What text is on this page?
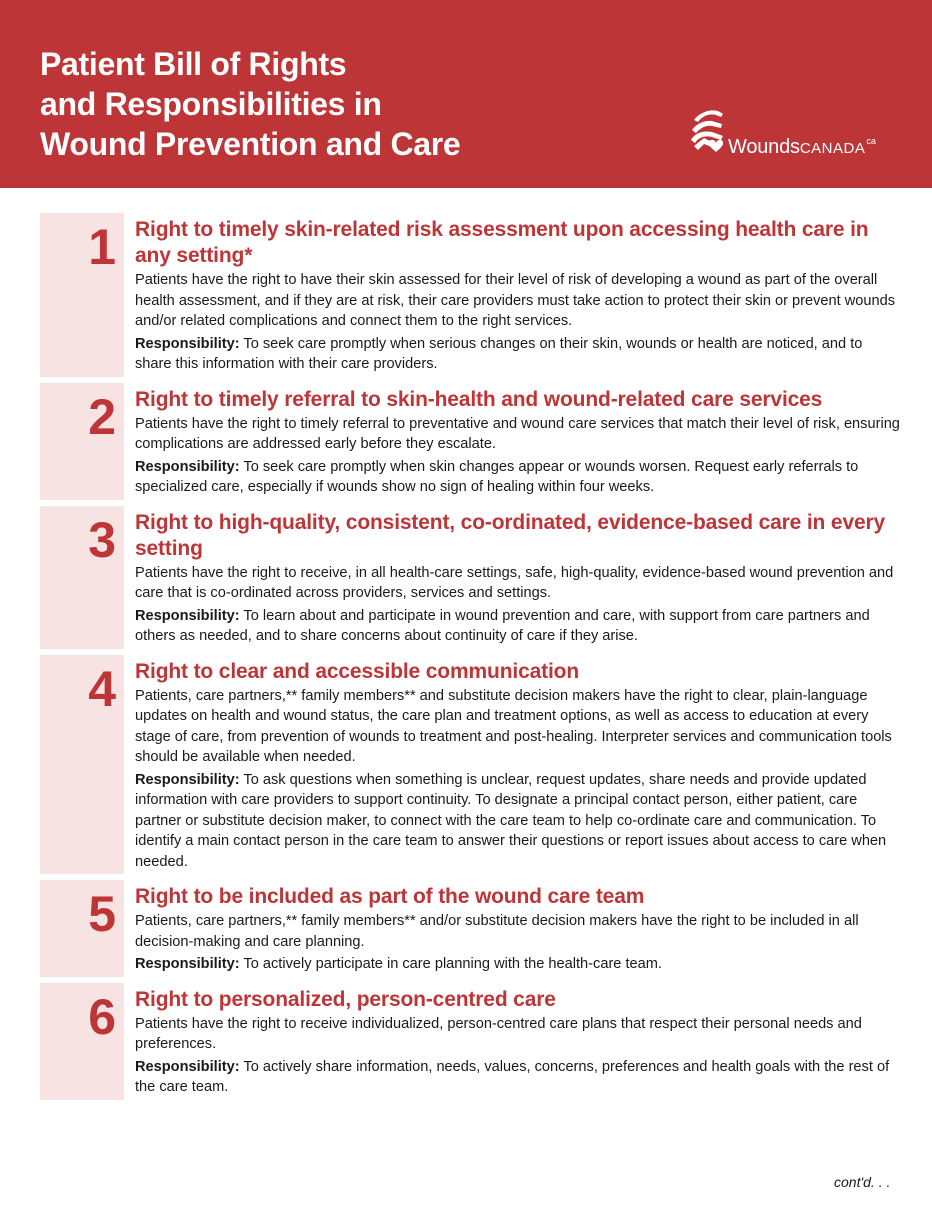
Patient Bill of Rights
and Responsibilities in
Wound Prevention and Care	WoundsCANADA$^{ca}$
1 Right to timely skin-related risk assessment upon accessing health care in any setting*

Patients have the right to have their skin assessed for their level of risk of developing a wound as part of the overall health assessment, and if they are at risk, their care providers must take action to protect their skin or prevent wounds and/or related complications and connect them to the right services.

Responsibility: To seek care promptly when serious changes on their skin, wounds or health are noticed, and to share this information with their care providers.

2 Right to timely referral to skin-health and wound-related care services

Patients have the right to timely referral to preventative and wound care services that match their level of risk, ensuring complications are addressed early before they escalate.

Responsibility: To seek care promptly when skin changes appear or wounds worsen. Request early referrals to specialized care, especially if wounds show no sign of healing within four weeks.

3 Right to high-quality, consistent, co-ordinated, evidence-based care in every setting

Patients have the right to receive, in all health-care settings, safe, high-quality, evidence-based wound prevention and care that is co-ordinated across providers, services and settings.

Responsibility: To learn about and participate in wound prevention and care, with support from care partners and others as needed, and to share concerns about continuity of care if they arise.

4 Right to clear and accessible communication

Patients, care partners,** family members** and substitute decision makers have the right to clear, plain-language updates on health and wound status, the care plan and treatment options, as well as access to education at every stage of care, from prevention of wounds to treatment and post-healing. Interpreter services and communication tools should be available when needed.

Responsibility: To ask questions when something is unclear, request updates, share needs and provide updated information with care providers to support continuity. To designate a principal contact person, either patient, care partner or substitute decision maker, to connect with the care team to help co-ordinate care and communication. To identify a main contact person in the care team to answer their questions or report issues about access to care when needed.

5 Right to be included as part of the wound care team

Patients, care partners,** family members** and/or substitute decision makers have the right to be included in all decision-making and care planning.

Responsibility: To actively participate in care planning with the health-care team.

6 Right to personalized, person-centred care

Patients have the right to receive individualized, person-centred care plans that respect their personal needs and preferences.

Responsibility: To actively share information, needs, values, concerns, preferences and health goals with the rest of the care team.

cont'd. . .
